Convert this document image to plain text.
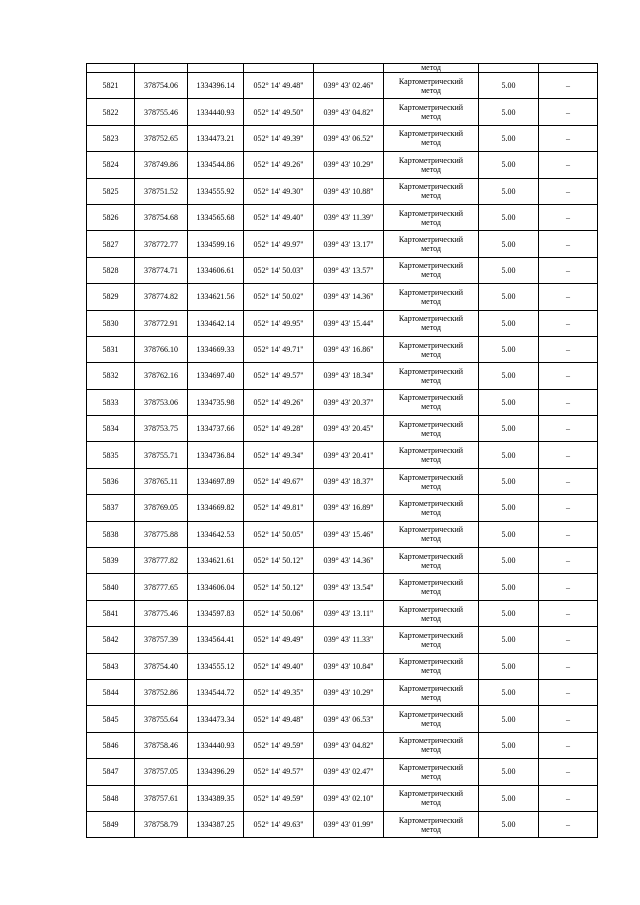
					метод		

5821	378754.06	1334396.14	052° 14' 49.48"	039° 43' 02.46"	Картометрический
метод	5.00	–
5822	378755.46	1334440.93	052° 14' 49.50"	039° 43' 04.82"	Картометрический
метод	5.00	–
5823	378752.65	1334473.21	052° 14' 49.39"	039° 43' 06.52"	Картометрический
метод	5.00	–
5824	378749.86	1334544.86	052° 14' 49.26"	039° 43' 10.29"	Картометрический
метод	5.00	–
5825	378751.52	1334555.92	052° 14' 49.30"	039° 43' 10.88"	Картометрический
метод	5.00	–
5826	378754.68	1334565.68	052° 14' 49.40"	039° 43' 11.39"	Картометрический
метод	5.00	–
5827	378772.77	1334599.16	052° 14' 49.97"	039° 43' 13.17"	Картометрический
метод	5.00	–
5828	378774.71	1334606.61	052° 14' 50.03"	039° 43' 13.57"	Картометрический
метод	5.00	–
5829	378774.82	1334621.56	052° 14' 50.02"	039° 43' 14.36"	Картометрический
метод	5.00	–
5830	378772.91	1334642.14	052° 14' 49.95"	039° 43' 15.44"	Картометрический
метод	5.00	–
5831	378766.10	1334669.33	052° 14' 49.71"	039° 43' 16.86"	Картометрический
метод	5.00	–
5832	378762.16	1334697.40	052° 14' 49.57"	039° 43' 18.34"	Картометрический
метод	5.00	–
5833	378753.06	1334735.98	052° 14' 49.26"	039° 43' 20.37"	Картометрический
метод	5.00	–
5834	378753.75	1334737.66	052° 14' 49.28"	039° 43' 20.45"	Картометрический
метод	5.00	–
5835	378755.71	1334736.84	052° 14' 49.34"	039° 43' 20.41"	Картометрический
метод	5.00	–
5836	378765.11	1334697.89	052° 14' 49.67"	039° 43' 18.37"	Картометрический
метод	5.00	–
5837	378769.05	1334669.82	052° 14' 49.81"	039° 43' 16.89"	Картометрический
метод	5.00	–
5838	378775.88	1334642.53	052° 14' 50.05"	039° 43' 15.46"	Картометрический
метод	5.00	–
5839	378777.82	1334621.61	052° 14' 50.12"	039° 43' 14.36"	Картометрический
метод	5.00	–
5840	378777.65	1334606.04	052° 14' 50.12"	039° 43' 13.54"	Картометрический
метод	5.00	–
5841	378775.46	1334597.83	052° 14' 50.06"	039° 43' 13.11"	Картометрический
метод	5.00	–
5842	378757.39	1334564.41	052° 14' 49.49"	039° 43' 11.33"	Картометрический
метод	5.00	–
5843	378754.40	1334555.12	052° 14' 49.40"	039° 43' 10.84"	Картометрический
метод	5.00	–
5844	378752.86	1334544.72	052° 14' 49.35"	039° 43' 10.29"	Картометрический
метод	5.00	–
5845	378755.64	1334473.34	052° 14' 49.48"	039° 43' 06.53"	Картометрический
метод	5.00	–
5846	378758.46	1334440.93	052° 14' 49.59"	039° 43' 04.82"	Картометрический
метод	5.00	–
5847	378757.05	1334396.29	052° 14' 49.57"	039° 43' 02.47"	Картометрический
метод	5.00	–
5848	378757.61	1334389.35	052° 14' 49.59"	039° 43' 02.10"	Картометрический
метод	5.00	–
5849	378758.79	1334387.25	052° 14' 49.63"	039° 43' 01.99"	Картометрический
метод	5.00	–
